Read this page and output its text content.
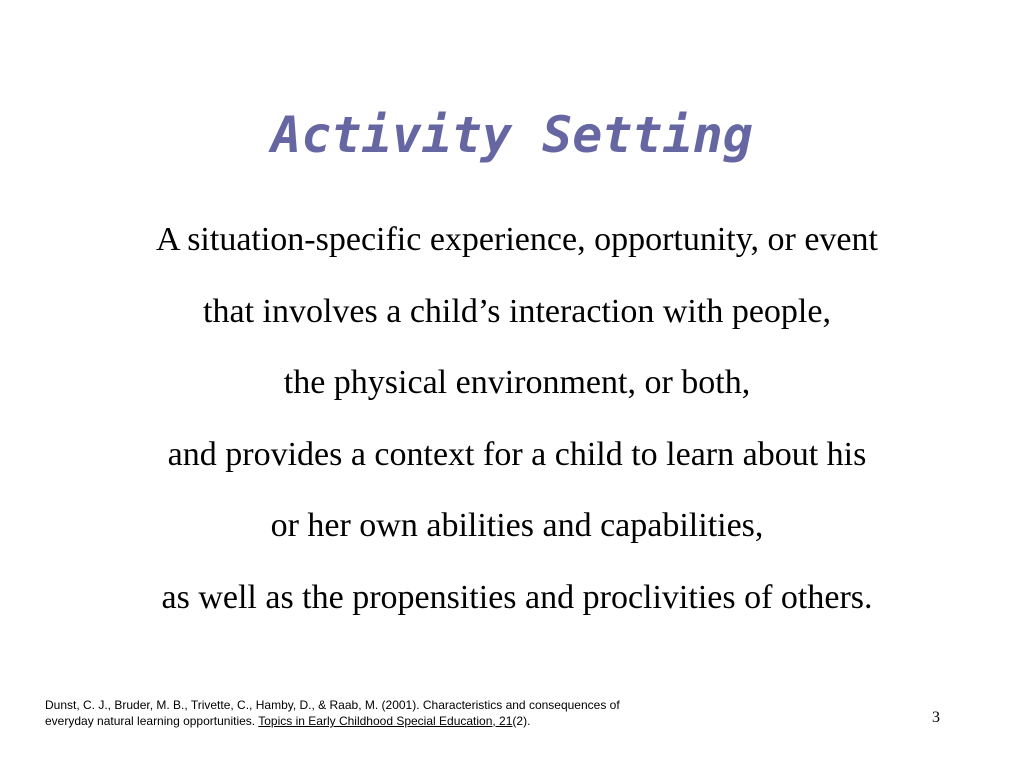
Activity Setting
A situation-specific experience, opportunity, or event
that involves a child’s interaction with people,
the physical environment, or both,
and provides a context for a child to learn about his
or her own abilities and capabilities,
as well as the propensities and proclivities of others.
Dunst, C. J., Bruder, M. B., Trivette, C., Hamby, D., & Raab, M. (2001). Characteristics and consequences of
everyday natural learning opportunities. Topics in Early Childhood Special Education, 21(2).	3
